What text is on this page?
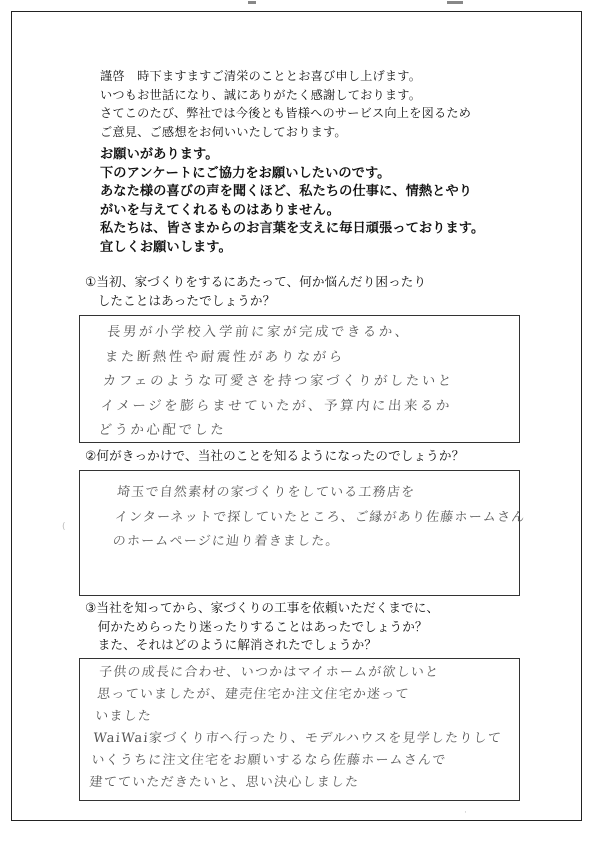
謹啓　時下ますますご清栄のこととお喜び申し上げます。
いつもお世話になり、誠にありがたく感謝しております。
さてこのたび、弊社では今後とも皆様へのサービス向上を図るため
ご意見、ご感想をお伺いいたしております。
お願いがあります。
下のアンケートにご協力をお願いしたいのです。
あなた様の喜びの声を聞くほど、私たちの仕事に、情熱とやり
がいを与えてくれるものはありません。
私たちは、皆さまからのお言葉を支えに毎日頑張っております。
宜しくお願いします。
①当初、家づくりをするにあたって、何か悩んだり困ったり
　したことはあったでしょうか？
長男が小学校入学前に家が完成できるか、
また断熱性や耐震性がありながら
カフェのような可愛さを持つ家づくりがしたいと
イメージを膨らませていたが、予算内に出来るか
どうか心配でした
②何がきっかけで、当社のことを知るようになったのでしょうか？
埼玉で自然素材の家づくりをしている工務店を
インターネットで探していたところ、ご縁があり佐藤ホームさん
のホームページに辿り着きました。
③当社を知ってから、家づくりの工事を依頼いただくまでに、
　何かためらったり迷ったりすることはあったでしょうか？
　また、それはどのように解消されたでしょうか？
子供の成長に合わせ、いつかはマイホームが欲しいと
思っていましたが、建売住宅か注文住宅か迷って
いました
WaiWai家づくり市へ行ったり、モデルハウスを見学したりして
いくうちに注文住宅をお願いするなら佐藤ホームさんで
建てていただきたいと、思い決心しました
(
·
